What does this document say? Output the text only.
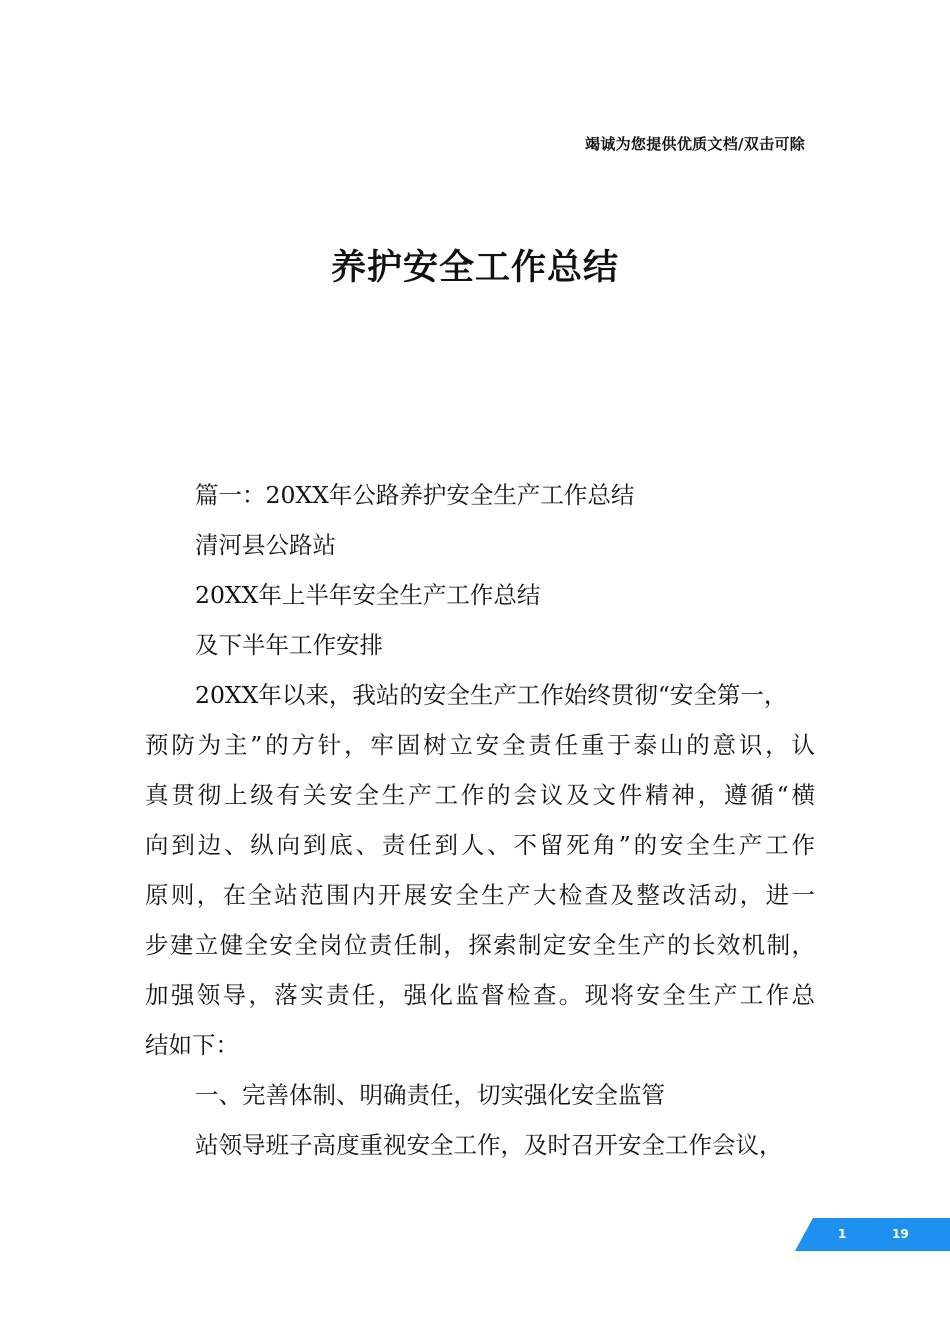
竭诚为您提供优质文档/双击可除
养护安全工作总结
篇一：20XX年公路养护安全生产工作总结
清河县公路站
20XX年上半年安全生产工作总结
及下半年工作安排
20XX年以来，我站的安全生产工作始终贯彻“安全第一，
预防为主”的方针，牢固树立安全责任重于泰山的意识，认
真贯彻上级有关安全生产工作的会议及文件精神，遵循“横
向到边、纵向到底、责任到人、不留死角”的安全生产工作
原则，在全站范围内开展安全生产大检查及整改活动，进一
步建立健全安全岗位责任制，探索制定安全生产的长效机制，
加强领导，落实责任，强化监督检查。现将安全生产工作总
结如下：
一、完善体制、明确责任，切实强化安全监管
站领导班子高度重视安全工作，及时召开安全工作会议，
1	19
